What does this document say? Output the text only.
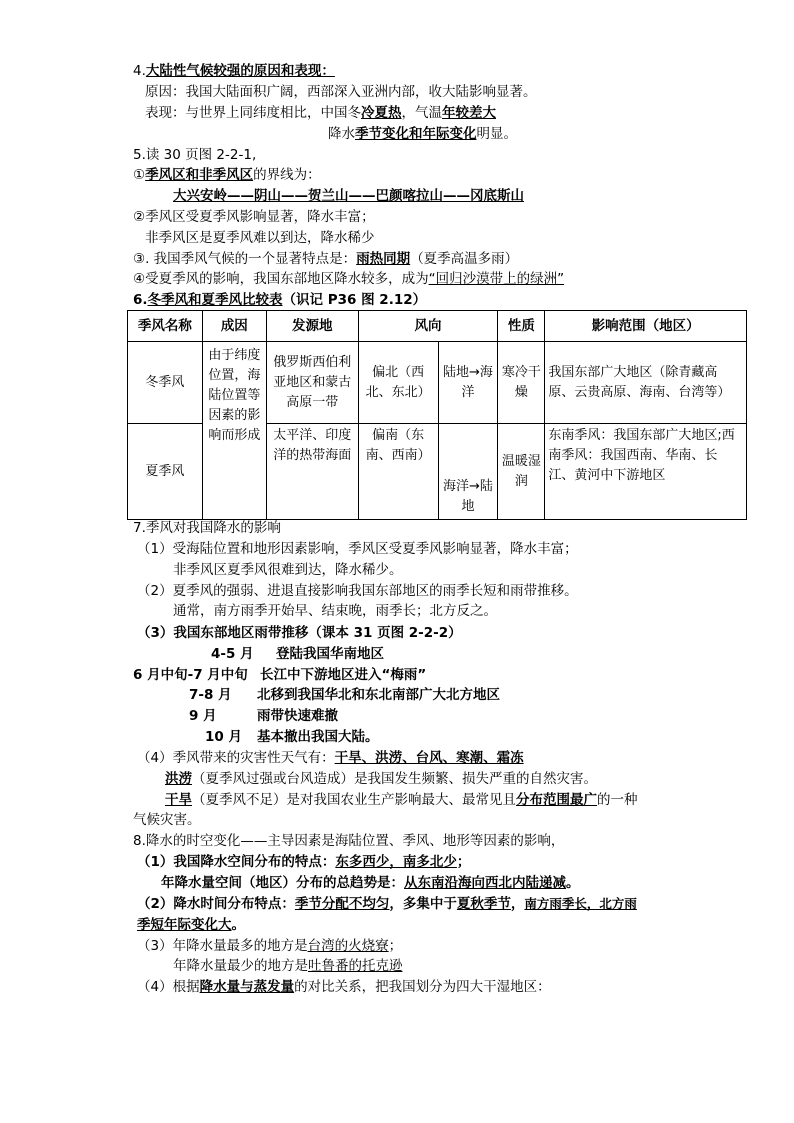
4.大陆性气候较强的原因和表现：
原因：我国大陆面积广阔，西部深入亚洲内部，收大陆影响显著。
表现：与世界上同纬度相比，中国冬冷夏热，气温年较差大
降水季节变化和年际变化明显。
5.读 30 页图 2-2-1,
①季风区和非季风区的界线为：
大兴安岭——阴山——贺兰山——巴颜喀拉山——冈底斯山
②季风区受夏季风影响显著，降水丰富；
非季风区是夏季风难以到达，降水稀少
③. 我国季风气候的一个显著特点是：雨热同期（夏季高温多雨）
④受夏季风的影响，我国东部地区降水较多，成为“回归沙漠带上的绿洲”
6.冬季风和夏季风比较表（识记 P36 图 2.12）
季风名称	成因	发源地	风向		性质	影响范围（地区）
冬季风	由于纬度位置，海陆位置等因素的影响而形成	俄罗斯西伯利亚地区和蒙古高原一带	偏北（西北、东北）	陆地→海洋	寒冷干燥	我国东部广大地区（除青藏高原、云贵高原、海南、台湾等）
夏季风		太平洋、印度洋的热带海面	偏南（东南、西南）	海洋→陆地	温暖湿润	东南季风：我国东部广大地区;西南季风：我国西南、华南、长江、黄河中下游地区
7.季风对我国降水的影响
（1）受海陆位置和地形因素影响，季风区受夏季风影响显著，降水丰富；
非季风区夏季风很难到达，降水稀少。
（2）夏季风的强弱、进退直接影响我国东部地区的雨季长短和雨带推移。
通常，南方雨季开始早、结束晚，雨季长；北方反之。
（3）我国东部地区雨带推移（课本 31 页图 2-2-2）
4-5 月 登陆我国华南地区
6 月中旬-7 月中旬 长江中下游地区进入“梅雨”
7-8 月 北移到我国华北和东北南部广大北方地区
9 月	雨带快速难撤
10 月 基本撤出我国大陆。
（4）季风带来的灾害性天气有：干旱、洪涝、台风、寒潮、霜冻
洪涝（夏季风过强或台风造成）是我国发生频繁、损失严重的自然灾害。
干旱（夏季风不足）是对我国农业生产影响最大、最常见且分布范围最广的一种
气候灾害。
8.降水的时空变化——主导因素是海陆位置、季风、地形等因素的影响，
（1）我国降水空间分布的特点：东多西少，南多北少；
年降水量空间（地区）分布的总趋势是：从东南沿海向西北内陆递减。
（2）降水时间分布特点：季节分配不均匀，多集中于夏秋季节，南方雨季长，北方雨
季短年际变化大。
（3）年降水量最多的地方是台湾的火烧寮；
年降水量最少的地方是吐鲁番的托克逊
（4）根据降水量与蒸发量的对比关系，把我国划分为四大干湿地区：
